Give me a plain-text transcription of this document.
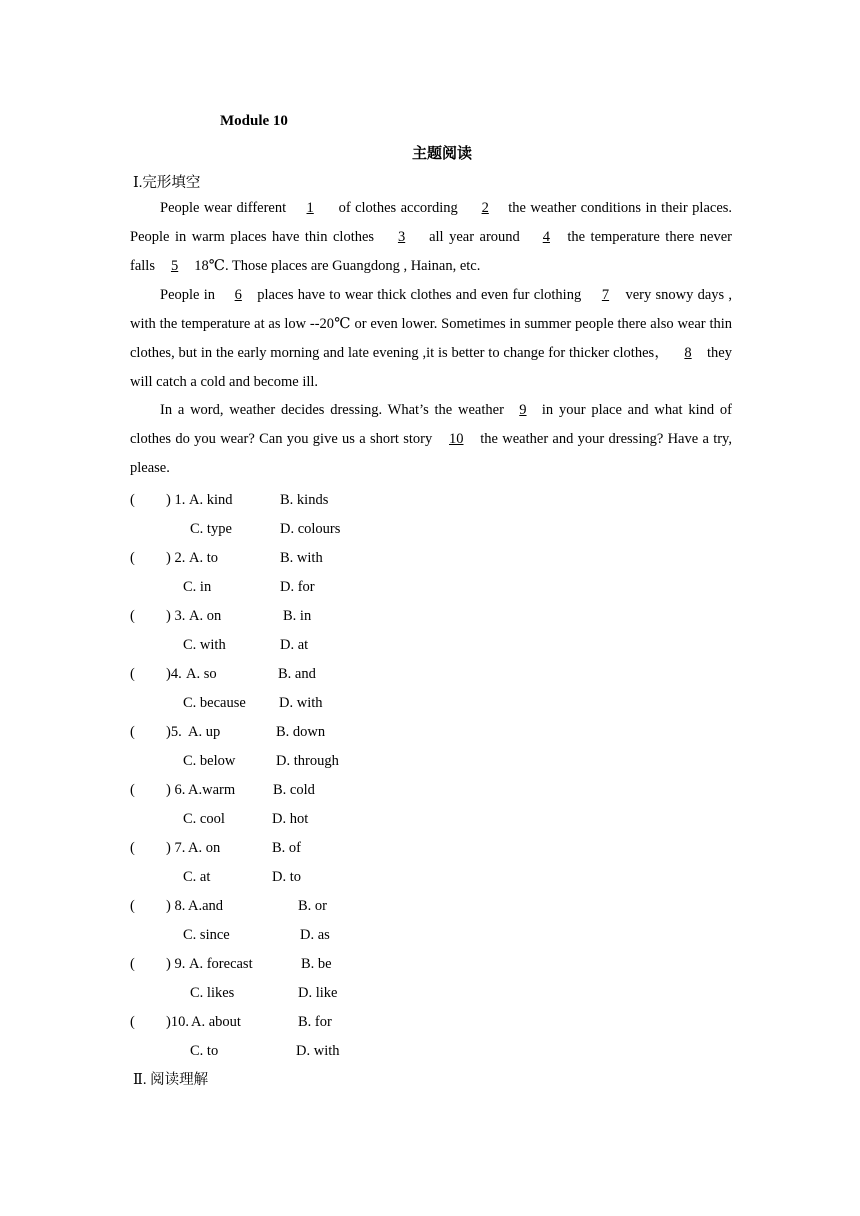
Module 10
主题阅读
Ⅰ.完形填空
People wear different 1 of clothes according 2 the weather conditions in their places. People in warm places have thin clothes 3 all year around 4 the temperature there never falls 5 18℃. Those places are Guangdong , Hainan, etc.
People in 6 places have to wear thick clothes and even fur clothing 7 very snowy days , with the temperature at as low --20℃ or even lower. Sometimes in summer people there also wear thin clothes, but in the early morning and late evening ,it is better to change for thicker clothes， 8 they will catch a cold and become ill.
In a word, weather decides dressing. What’s the weather 9 in your place and what kind of clothes do you wear? Can you give us a short story 10 the weather and your dressing? Have a try, please.
( ) 1. A. kind	B. kinds
C. type	D. colours
( ) 2. A. to	B. with
C. in	D. for
( ) 3. A. on	B. in
C. with	D. at
( )4. A. so	B. and
C. because D. with
( )5. A. up	B. down
C. below	D. through
( ) 6. A.warm	B. cold
C. cool	D. hot
( ) 7. A. on	B. of
C. at	D. to
( ) 8. A.and	B. or
C. since	D. as
( ) 9. A. forecast	B. be
C. likes	D. like
( )10. A. about	B. for
C. to	D. with
Ⅱ. 阅读理解
